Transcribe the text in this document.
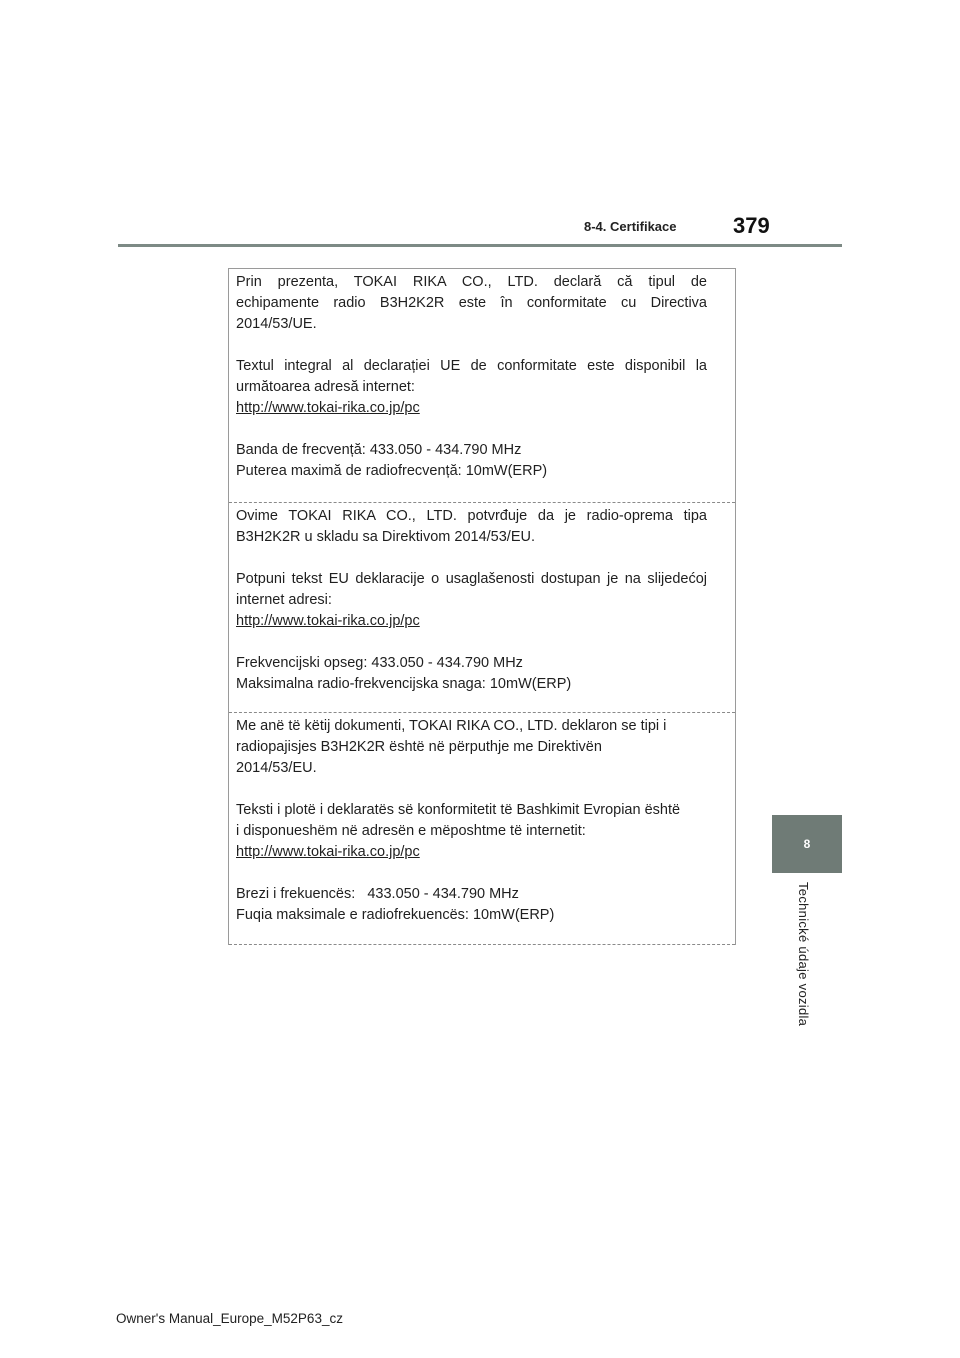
8-4. Certifikace	379
8
Technické údaje vozidla

Prin prezenta, TOKAI RIKA CO., LTD. declară că tipul de

echipamente radio B3H2K2R este în conformitate cu Directiva

2014/53/UE.

Textul integral al declarației UE de conformitate este disponibil la

următoarea adresă internet:

http://www.tokai-rika.co.jp/pc

Banda de frecvență: 433.050 - 434.790 MHz

Puterea maximă de radiofrecvență: 10mW(ERP)

Ovime TOKAI RIKA CO., LTD. potvrđuje da je radio-oprema tipa

B3H2K2R u skladu sa Direktivom 2014/53/EU.

Potpuni tekst EU deklaracije o usaglašenosti dostupan je na slijedećoj

internet adresi:

http://www.tokai-rika.co.jp/pc

Frekvencijski opseg: 433.050 - 434.790 MHz

Maksimalna radio-frekvencijska snaga: 10mW(ERP)

Me anë të këtij dokumenti, TOKAI RIKA CO., LTD. deklaron se tipi i

radiopajisjes B3H2K2R është në përputhje me Direktivën

2014/53/EU.

Teksti i plotë i deklaratës së konformitetit të Bashkimit Evropian është

i disponueshëm në adresën e mëposhtme të internetit:

http://www.tokai-rika.co.jp/pc

Brezi i frekuencës:   433.050 - 434.790 MHz

Fuqia maksimale e radiofrekuencës: 10mW(ERP)

Owner's Manual_Europe_M52P63_cz
